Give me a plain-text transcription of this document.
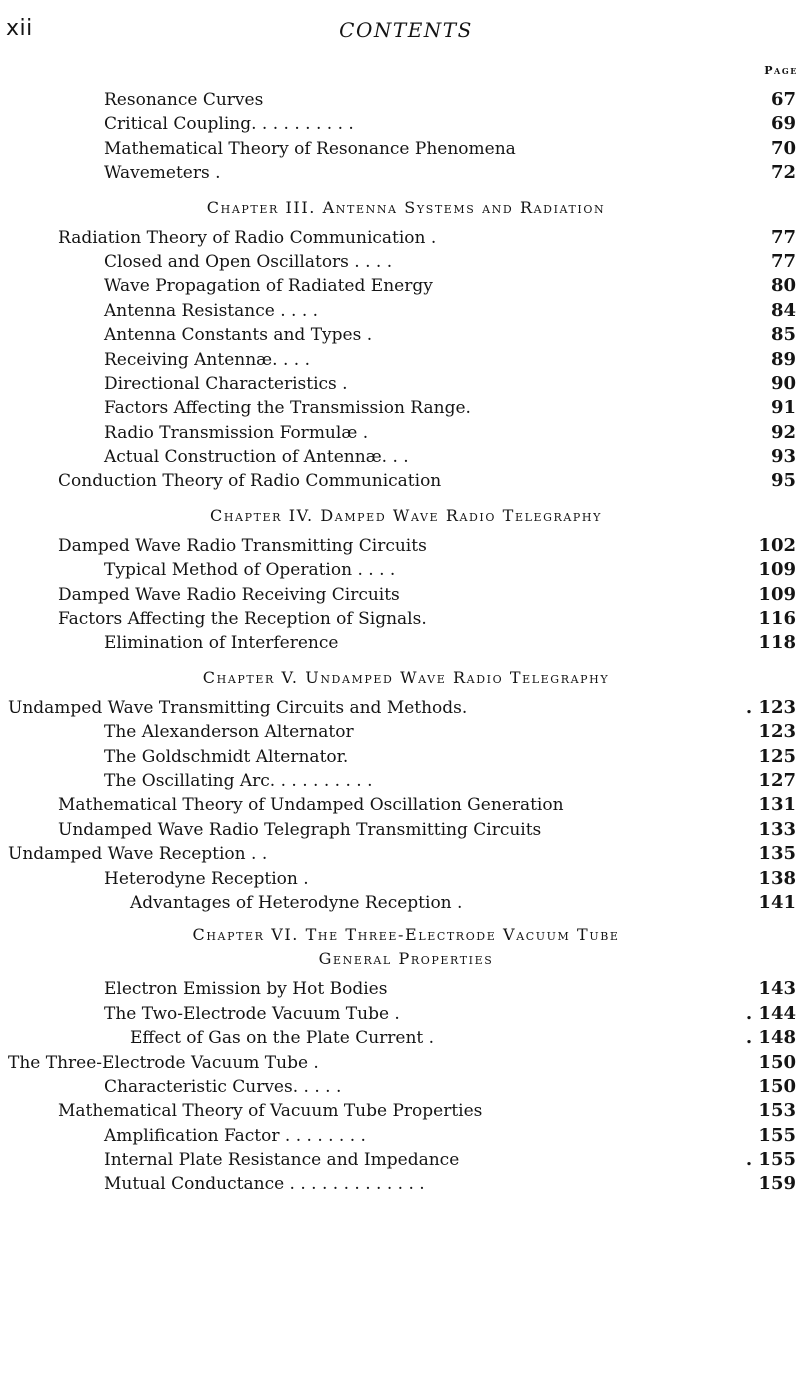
xii	CONTENTS
Page
Resonance Curves	67
Critical Coupling. . . . . . . . . .	69
Mathematical Theory of Resonance Phenomena	70
Wavemeters .	72
Chapter III. Antenna Systems and Radiation
Radiation Theory of Radio Communication .	77
Closed and Open Oscillators . . . .	77
Wave Propagation of Radiated Energy	80
Antenna Resistance . . . .	84
Antenna Constants and Types .	85
Receiving Antennæ. . . .	89
Directional Characteristics .	90
Factors Affecting the Transmission Range.	91
Radio Transmission Formulæ .	92
Actual Construction of Antennæ. . .	93
Conduction Theory of Radio Communication	95
Chapter IV. Damped Wave Radio Telegraphy
Damped Wave Radio Transmitting Circuits	102
Typical Method of Operation . . . .	109
Damped Wave Radio Receiving Circuits	109
Factors Affecting the Reception of Signals.	116
Elimination of Interference	118
Chapter V. Undamped Wave Radio Telegraphy
Undamped Wave Transmitting Circuits and Methods.	. 123
The Alexanderson Alternator	123
The Goldschmidt Alternator.	125
The Oscillating Arc. . . . . . . . . .	127
Mathematical Theory of Undamped Oscillation Generation	131
Undamped Wave Radio Telegraph Transmitting Circuits	133
Undamped Wave Reception . .	135
Heterodyne Reception .	138
Advantages of Heterodyne Reception .	141
Chapter VI. The Three-Electrode Vacuum Tube
General Properties
Electron Emission by Hot Bodies	143
The Two-Electrode Vacuum Tube .	. 144
Effect of Gas on the Plate Current .	. 148
The Three-Electrode Vacuum Tube .	150
Characteristic Curves. . . . .	150
Mathematical Theory of Vacuum Tube Properties	153
Amplification Factor . . . . . . . .	155
Internal Plate Resistance and Impedance	. 155
Mutual Conductance . . . . . . . . . . . . .	159
